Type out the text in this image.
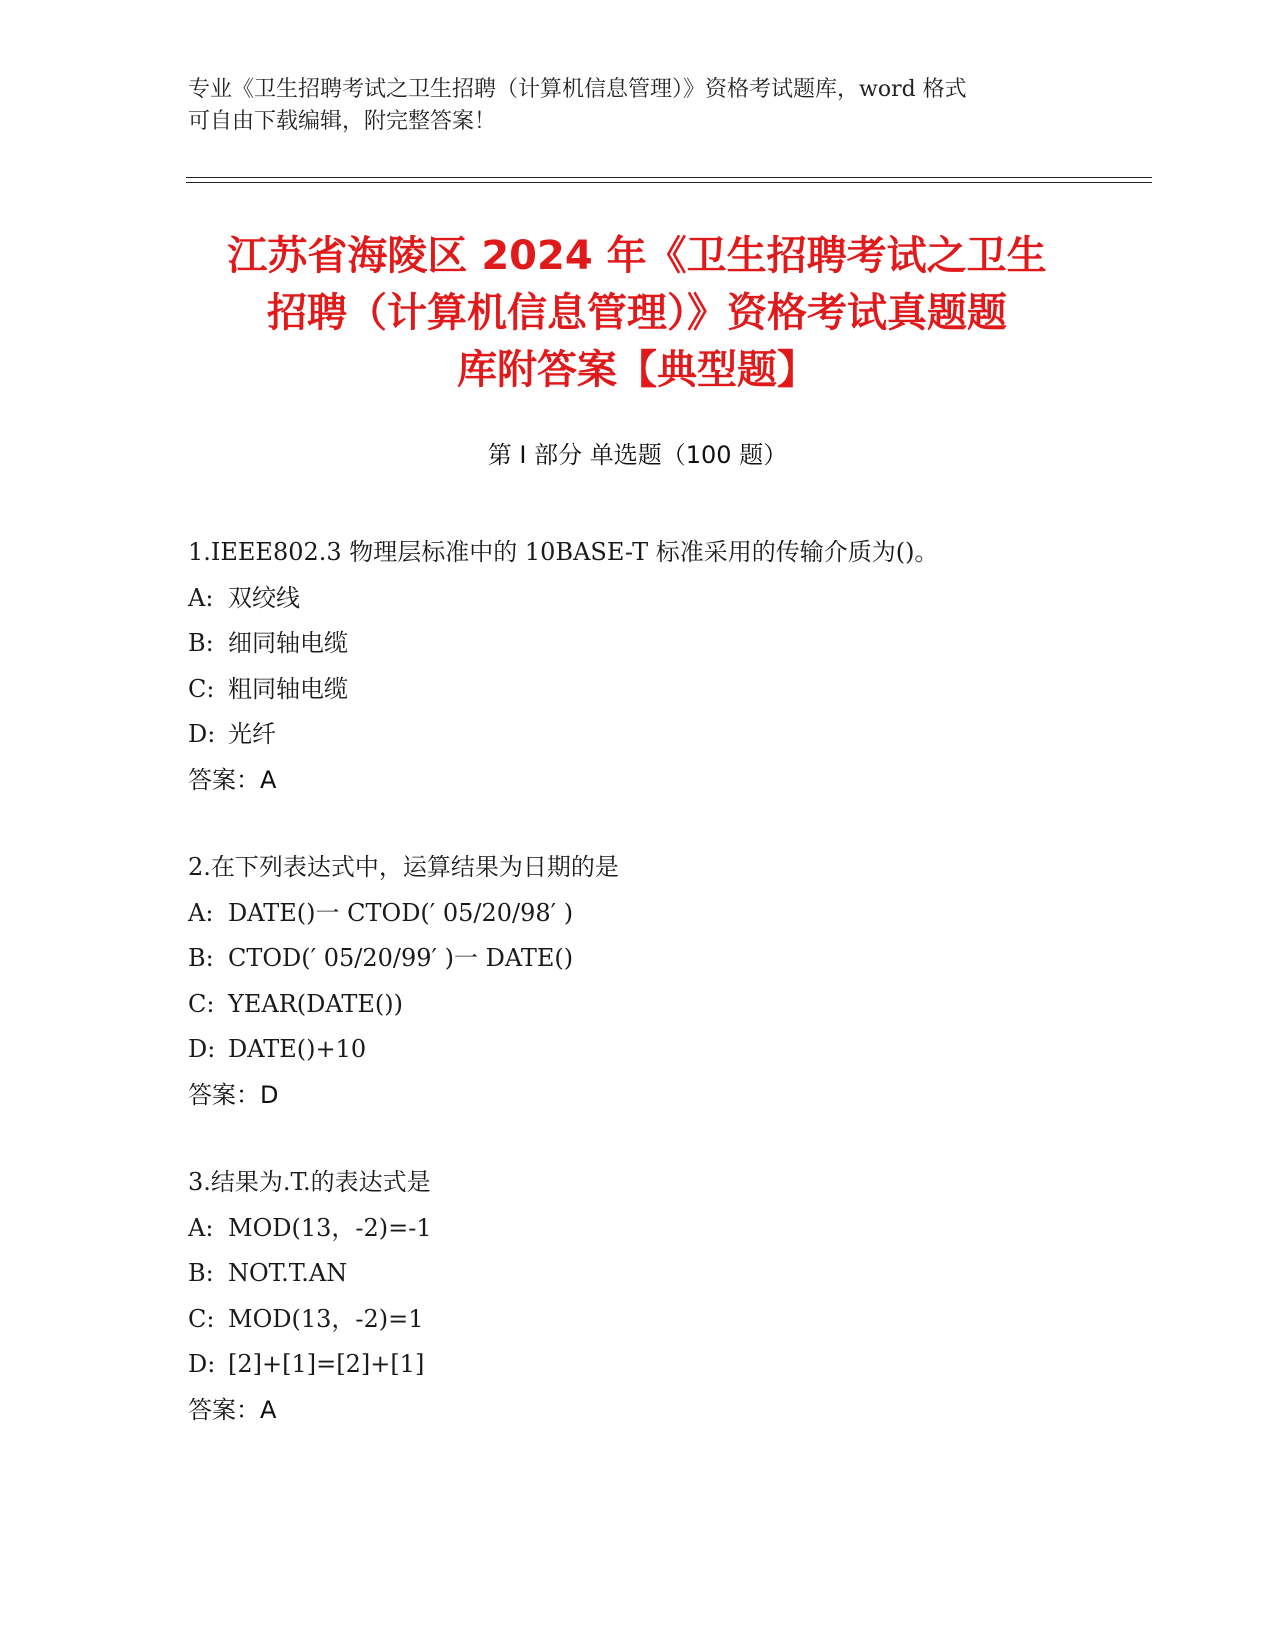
专业《卫生招聘考试之卫生招聘（计算机信息管理）》资格考试题库，word 格式
可自由下载编辑，附完整答案！
江苏省海陵区 2024 年《卫生招聘考试之卫生
招聘（计算机信息管理）》资格考试真题题
库附答案【典型题】
第 I 部分 单选题（100 题）
1.IEEE802.3 物理层标准中的 10BASE-T 标准采用的传输介质为()。
A: 双绞线
B: 细同轴电缆
C: 粗同轴电缆
D: 光纤
答案：A
2.在下列表达式中，运算结果为日期的是
A: DATE()一 CTOD(′ 05/20/98′ )
B: CTOD(′ 05/20/99′ )一 DATE()
C: YEAR(DATE())
D: DATE()+10
答案：D
3.结果为.T.的表达式是
A: MOD(13，-2)=-1
B: NOT.T.AN
C: MOD(13，-2)=1
D: [2]+[1]=[2]+[1]
答案：A
